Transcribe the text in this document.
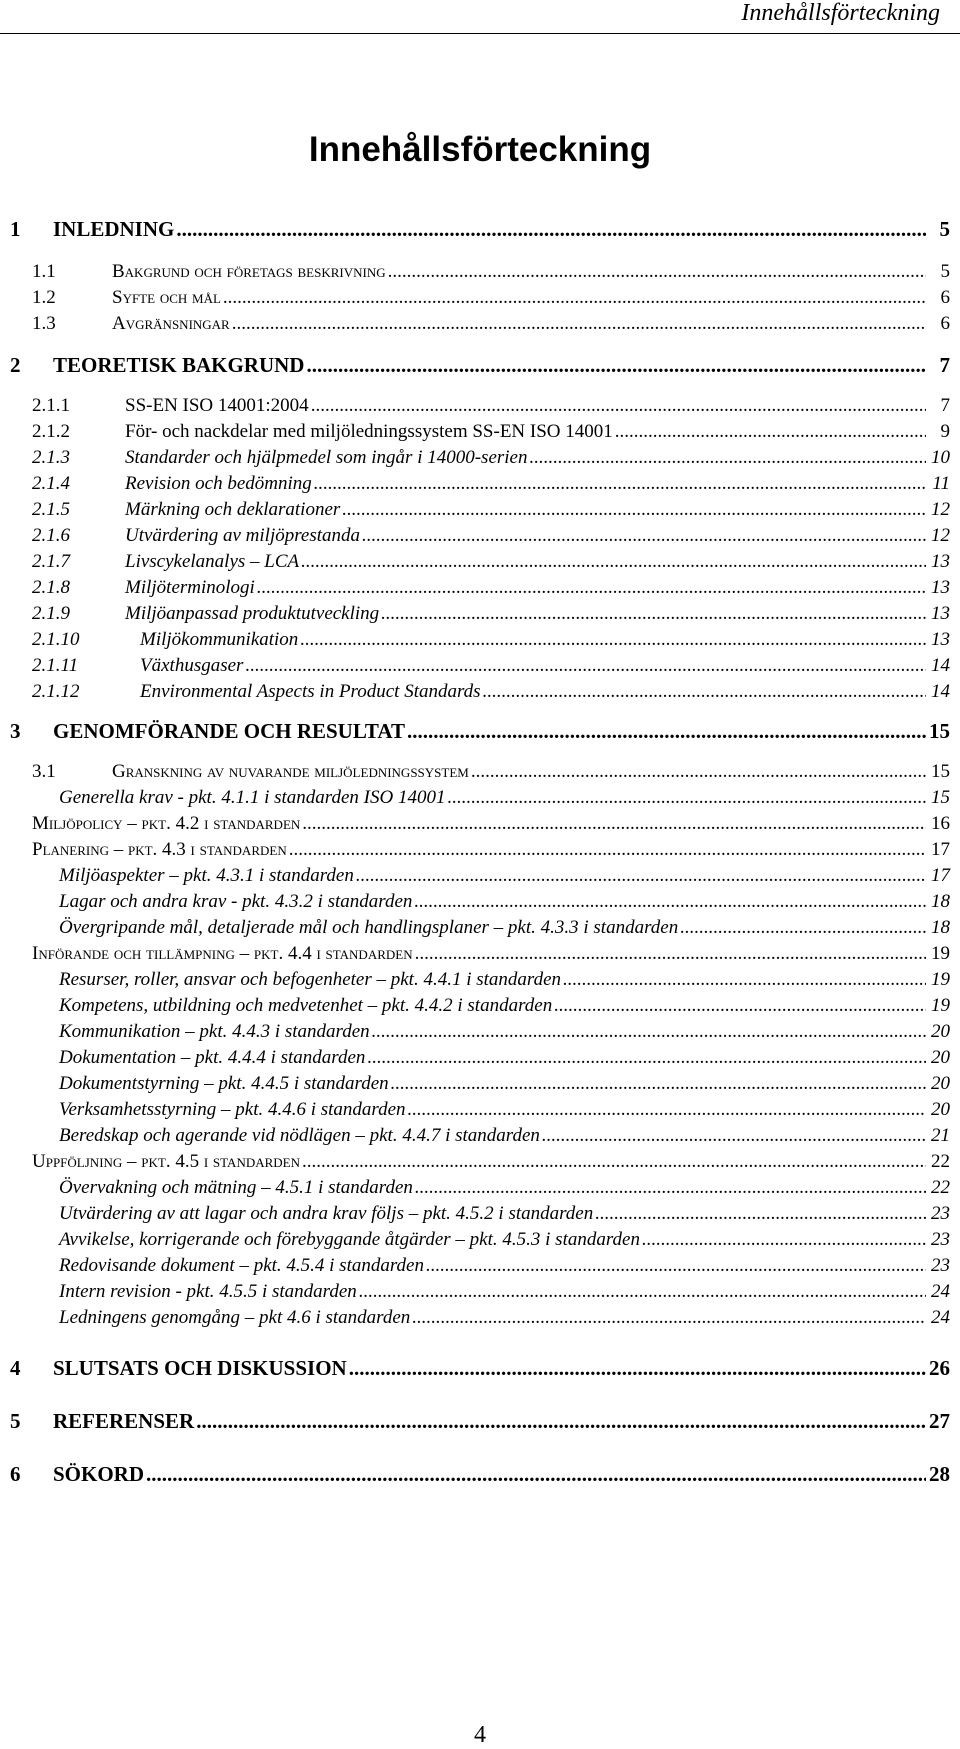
Innehållsförteckning
Innehållsförteckning
1	INLEDNING .....	5
1.1	Bakgrund och företags beskrivning .....	5
1.2	Syfte och mål .....	6
1.3	Avgränsningar .....	6
2	TEORETISK BAKGRUND .....	7
2.1.1	SS-EN ISO 14001:2004 .....	7
2.1.2	För- och nackdelar med miljöledningssystem SS-EN ISO 14001 .....	9
2.1.3	Standarder och hjälpmedel som ingår i 14000-serien .....	10
2.1.4	Revision och bedömning .....	11
2.1.5	Märkning och deklarationer .....	12
2.1.6	Utvärdering av miljöprestanda .....	12
2.1.7	Livscykelanalys – LCA .....	13
2.1.8	Miljöterminologi .....	13
2.1.9	Miljöanpassad produktutveckling .....	13
2.1.10	Miljökommunikation .....	13
2.1.11	Växthusgaser .....	14
2.1.12	Environmental Aspects in Product Standards .....	14
3	GENOMFÖRANDE OCH RESULTAT .....	15
3.1	Granskning av nuvarande miljöledningssystem .....	15
Generella krav - pkt. 4.1.1 i standarden ISO 14001 .....	15
Miljöpolicy – pkt. 4.2 i standarden .....	16
Planering – pkt. 4.3 i standarden .....	17
Miljöaspekter – pkt. 4.3.1 i standarden .....	17
Lagar och andra krav - pkt. 4.3.2 i standarden .....	18
Övergripande mål, detaljerade mål och handlingsplaner – pkt. 4.3.3 i standarden .....	18
Införande och tillämpning – pkt. 4.4 i standarden .....	19
Resurser, roller, ansvar och befogenheter – pkt. 4.4.1 i standarden .....	19
Kompetens, utbildning och medvetenhet – pkt. 4.4.2 i standarden .....	19
Kommunikation – pkt. 4.4.3 i standarden .....	20
Dokumentation – pkt. 4.4.4 i standarden .....	20
Dokumentstyrning – pkt. 4.4.5 i standarden .....	20
Verksamhetsstyrning – pkt. 4.4.6 i standarden .....	20
Beredskap och agerande vid nödlägen – pkt. 4.4.7 i standarden .....	21
Uppföljning – pkt. 4.5 i standarden .....	22
Övervakning och mätning – 4.5.1 i standarden .....	22
Utvärdering av att lagar och andra krav följs – pkt. 4.5.2 i standarden .....	23
Avvikelse, korrigerande och förebyggande åtgärder – pkt. 4.5.3 i standarden .....	23
Redovisande dokument – pkt. 4.5.4 i standarden .....	23
Intern revision - pkt. 4.5.5 i standarden .....	24
Ledningens genomgång – pkt 4.6 i standarden .....	24
4	SLUTSATS OCH DISKUSSION .....	26
5	REFERENSER .....	27
6	SÖKORD .....	28
4
